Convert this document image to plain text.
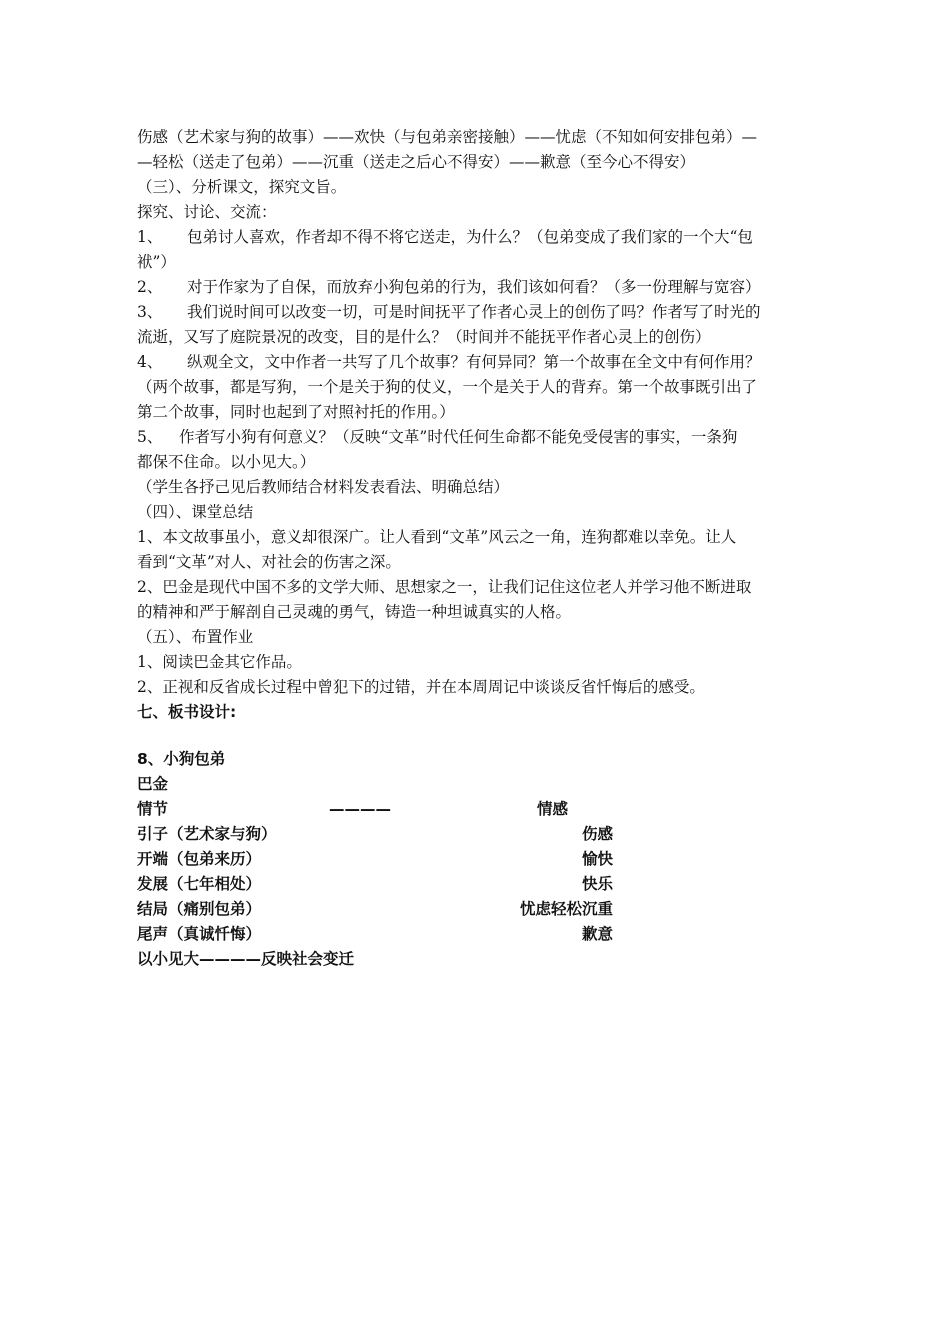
伤感（艺术家与狗的故事）——欢快（与包弟亲密接触）——忧虑（不知如何安排包弟）—
—轻松（送走了包弟）——沉重（送走之后心不得安）——歉意（至今心不得安）
（三）、分析课文，探究文旨。
探究、讨论、交流：
1、 包弟讨人喜欢，作者却不得不将它送走，为什么？（包弟变成了我们家的一个大“包
袱”）
2、 对于作家为了自保，而放弃小狗包弟的行为，我们该如何看？（多一份理解与宽容）
3、 我们说时间可以改变一切，可是时间抚平了作者心灵上的创伤了吗？作者写了时光的
流逝，又写了庭院景况的改变，目的是什么？（时间并不能抚平作者心灵上的创伤）
4、 纵观全文，文中作者一共写了几个故事？有何异同？第一个故事在全文中有何作用？
（两个故事，都是写狗，一个是关于狗的仗义，一个是关于人的背弃。第一个故事既引出了
第二个故事，同时也起到了对照衬托的作用。）
5、 作者写小狗有何意义？（反映“文革”时代任何生命都不能免受侵害的事实，一条狗
都保不住命。以小见大。）
（学生各抒己见后教师结合材料发表看法、明确总结）
（四）、课堂总结
1、本文故事虽小，意义却很深广。让人看到“文革”风云之一角，连狗都难以幸免。让人
看到“文革”对人、对社会的伤害之深。
2、巴金是现代中国不多的文学大师、思想家之一，让我们记住这位老人并学习他不断进取
的精神和严于解剖自己灵魂的勇气，铸造一种坦诚真实的人格。
（五）、布置作业
1、阅读巴金其它作品。
2、正视和反省成长过程中曾犯下的过错，并在本周周记中谈谈反省忏悔后的感受。
七、板书设计:
8、小狗包弟
巴金
情节	————	情感
引子（艺术家与狗）	伤感
开端（包弟来历）	愉快
发展（七年相处）	快乐
结局（痛别包弟）	忧虑轻松沉重
尾声（真诚忏悔）	歉意
以小见大————反映社会变迁
